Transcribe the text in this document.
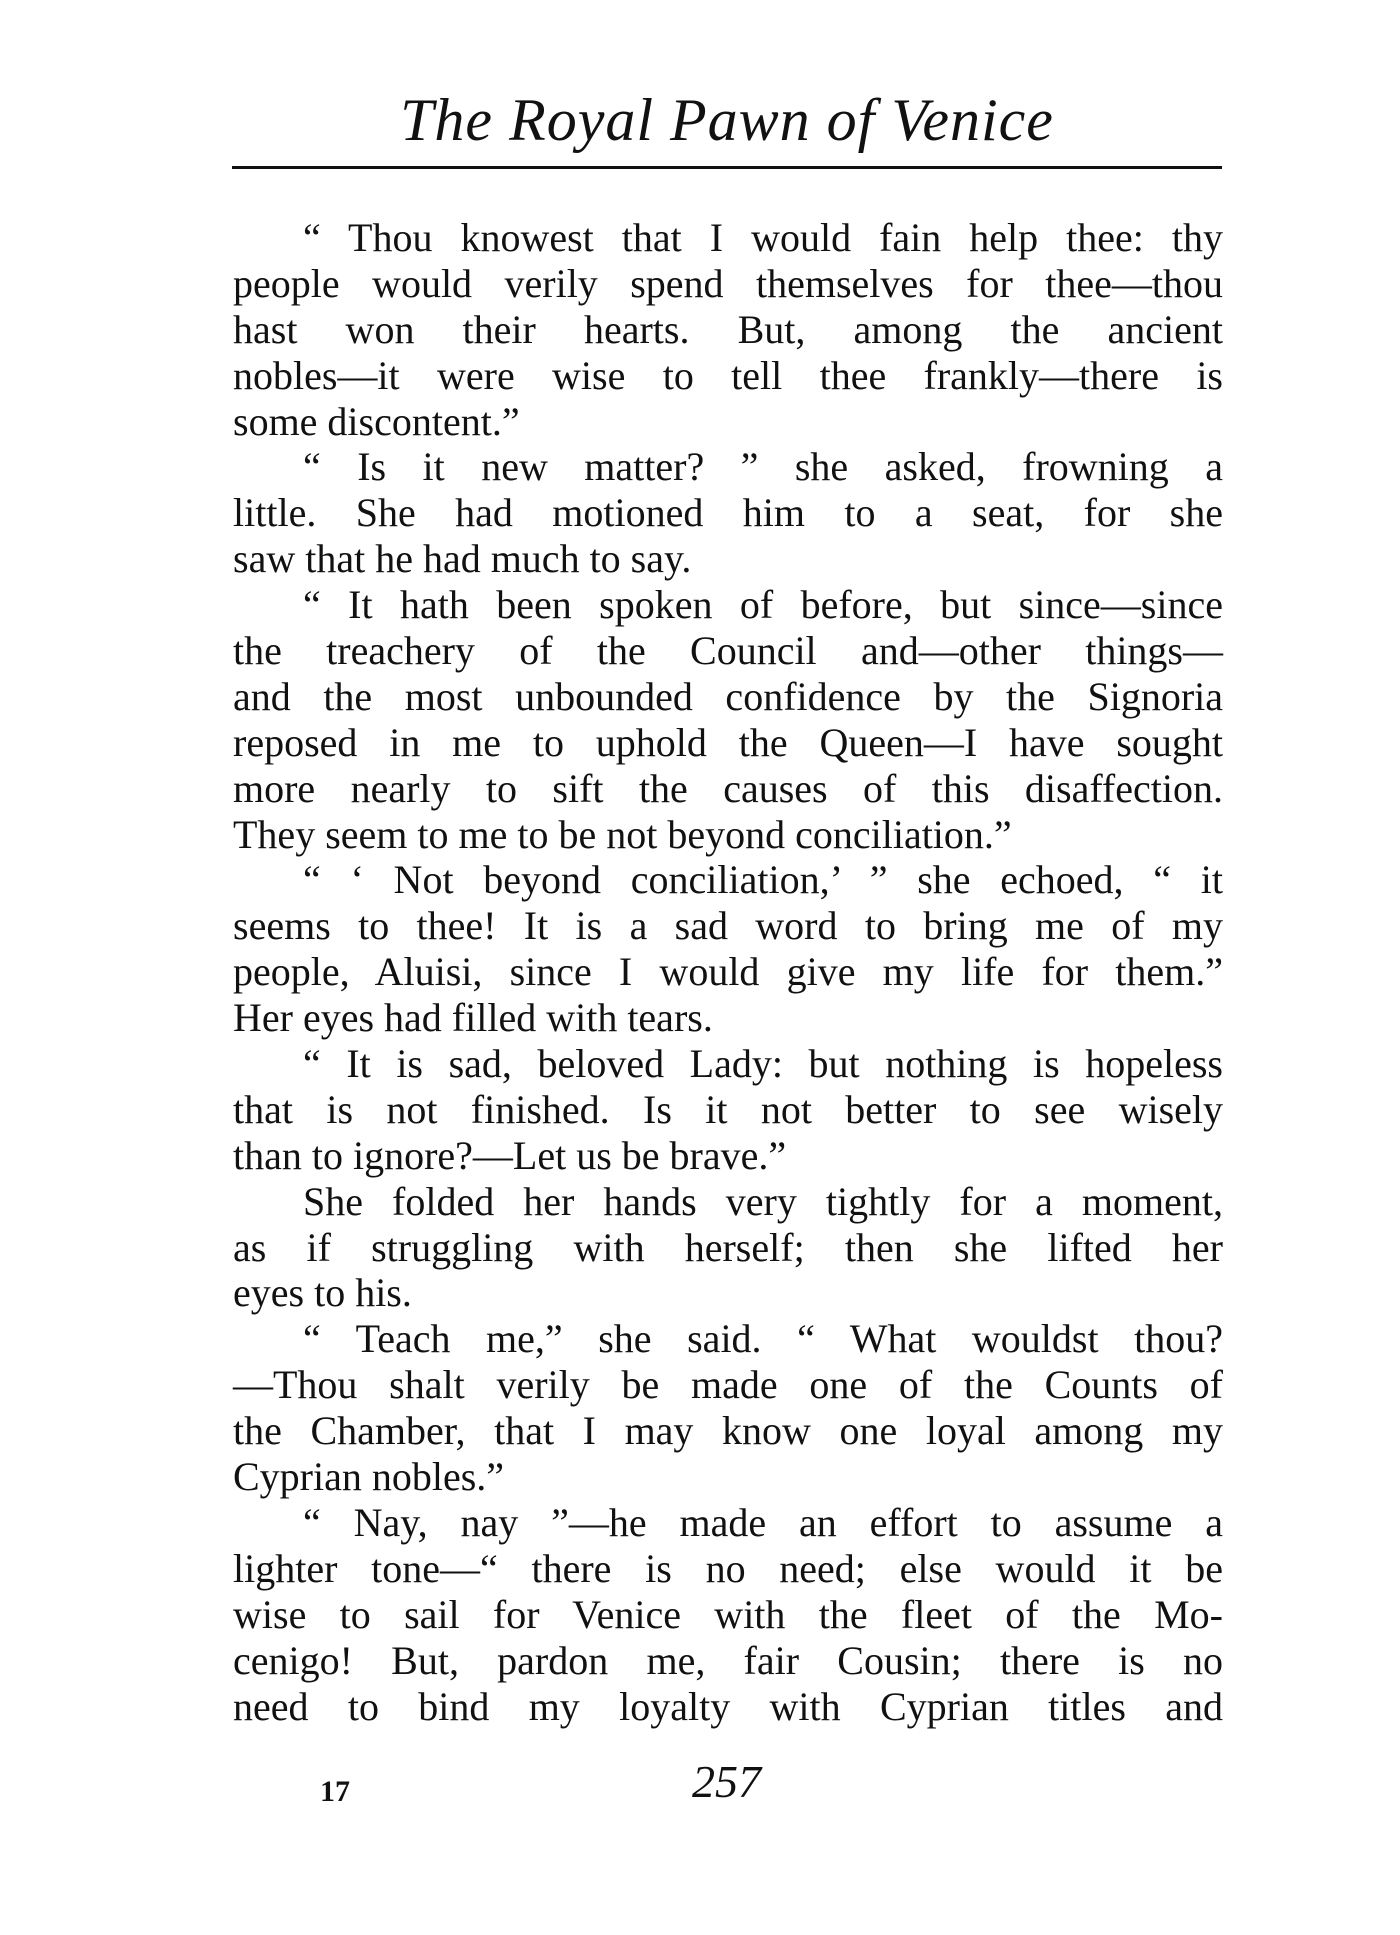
The Royal Pawn of Venice
“ Thou knowest that I would fain help thee: thy
people would verily spend themselves for thee—thou
hast won their hearts. But, among the ancient
nobles—it were wise to tell thee frankly—there is
some discontent.”
“ Is it new matter? ” she asked, frowning a
little. She had motioned him to a seat, for she
saw that he had much to say.
“ It hath been spoken of before, but since—since
the treachery of the Council and—other things—
and the most unbounded confidence by the Signoria
reposed in me to uphold the Queen—I have sought
more nearly to sift the causes of this disaffection.
They seem to me to be not beyond conciliation.”
“ ‘ Not beyond conciliation,’ ” she echoed, “ it
seems to thee! It is a sad word to bring me of my
people, Aluisi, since I would give my life for them.”
Her eyes had filled with tears.
“ It is sad, beloved Lady: but nothing is hopeless
that is not finished. Is it not better to see wisely
than to ignore?—Let us be brave.”
She folded her hands very tightly for a moment,
as if struggling with herself; then she lifted her
eyes to his.
“ Teach me,” she said. “ What wouldst thou?
—Thou shalt verily be made one of the Counts of
the Chamber, that I may know one loyal among my
Cyprian nobles.”
“ Nay, nay ”—he made an effort to assume a
lighter tone—“ there is no need; else would it be
wise to sail for Venice with the fleet of the Mo-
cenigo! But, pardon me, fair Cousin; there is no
need to bind my loyalty with Cyprian titles and
17	257
